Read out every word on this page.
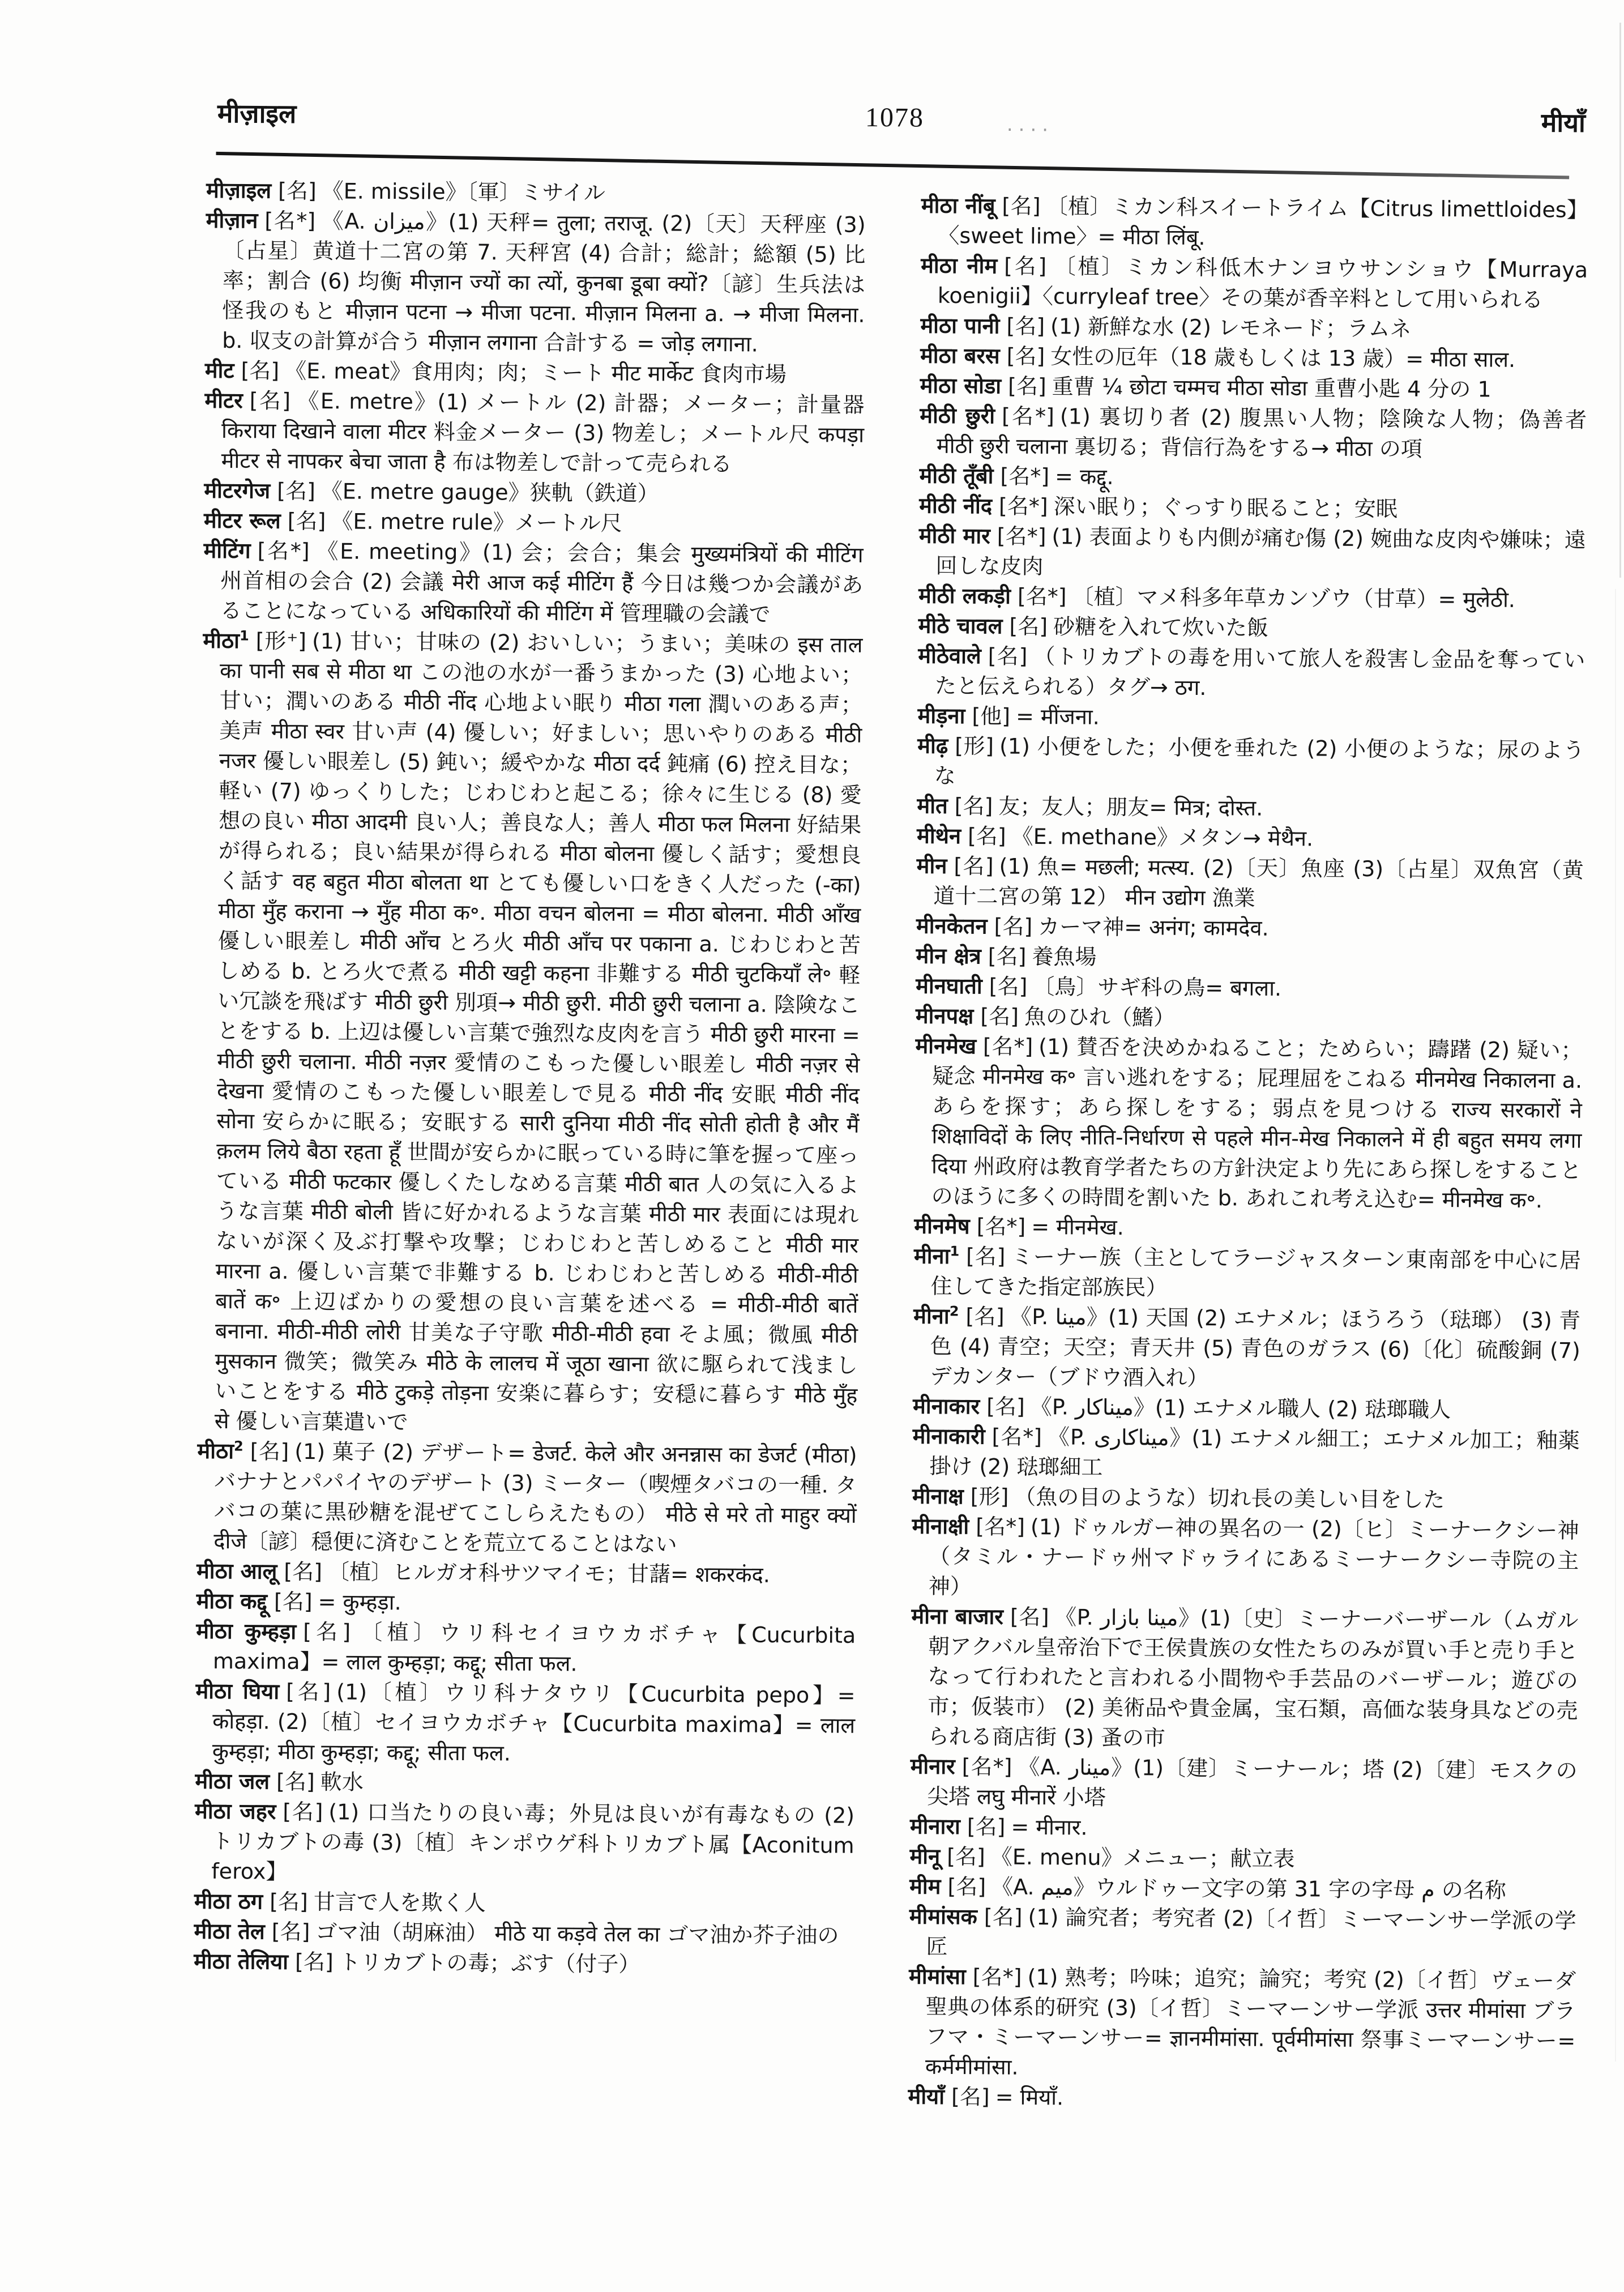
मीज़ाइल	1078	मीयाँ
····

मीज़ाइल [名] 《E. missile》〔軍〕ミサイル

मीज़ान [名*] 《A. ميزان》(1) 天秤= तुला; तराजू. (2)〔天〕天秤座 (3)〔占星〕黄道十二宮の第 7. 天秤宮 (4) 合計；総計；総額 (5) 比率；割合 (6) 均衡 मीज़ान ज्यों का त्यों, कुनबा डूबा क्यों?〔諺〕生兵法は怪我のもと मीज़ान पटना → मीजा पटना. मीज़ान मिलना a. → मीजा मिलना. b. 収支の計算が合う मीज़ान लगाना 合計する = जोड़ लगाना.

मीट [名] 《E. meat》食用肉；肉；ミート मीट मार्केट 食肉市場

मीटर [名] 《E. metre》(1) メートル (2) 計器；メーター；計量器 किराया दिखाने वाला मीटर 料金メーター (3) 物差し；メートル尺 कपड़ा मीटर से नापकर बेचा जाता है 布は物差しで計って売られる

मीटरगेज [名] 《E. metre gauge》狭軌（鉄道）

मीटर रूल [名] 《E. metre rule》メートル尺

मीटिंग [名*] 《E. meeting》(1) 会；会合；集会 मुख्यमंत्रियों की मीटिंग 州首相の会合 (2) 会議 मेरी आज कई मीटिंग हैं 今日は幾つか会議があることになっている अधिकारियों की मीटिंग में 管理職の会議で

मीठा$^1$ [形⁺] (1) 甘い；甘味の (2) おいしい；うまい；美味の इस ताल का पानी सब से मीठा था この池の水が一番うまかった (3) 心地よい；甘い；潤いのある मीठी नींद 心地よい眠り मीठा गला 潤いのある声；美声 मीठा स्वर 甘い声 (4) 優しい；好ましい；思いやりのある मीठी नजर 優しい眼差し (5) 鈍い；緩やかな मीठा दर्द 鈍痛 (6) 控え目な；軽い (7) ゆっくりした；じわじわと起こる；徐々に生じる (8) 愛想の良い मीठा आदमी 良い人；善良な人；善人 मीठा फल मिलना 好結果が得られる；良い結果が得られる मीठा बोलना 優しく話す；愛想良く話す वह बहुत मीठा बोलता था とても優しい口をきく人だった (-का) मीठा मुँह कराना → मुँह मीठा क॰. मीठा वचन बोलना = मीठा बोलना. मीठी आँख 優しい眼差し मीठी आँच とろ火 मीठी आँच पर पकाना a. じわじわと苦しめる b. とろ火で煮る मीठी खट्टी कहना 非難する मीठी चुटकियाँ ले॰ 軽い冗談を飛ばす मीठी छुरी 別項→ मीठी छुरी. मीठी छुरी चलाना a. 陰険なことをする b. 上辺は優しい言葉で強烈な皮肉を言う मीठी छुरी मारना = मीठी छुरी चलाना. मीठी नज़र 愛情のこもった優しい眼差し मीठी नज़र से देखना 愛情のこもった優しい眼差しで見る मीठी नींद 安眠 मीठी नींद सोना 安らかに眠る；安眠する सारी दुनिया मीठी नींद सोती होती है और मैं क़लम लिये बैठा रहता हूँ 世間が安らかに眠っている時に筆を握って座っている मीठी फटकार 優しくたしなめる言葉 मीठी बात 人の気に入るような言葉 मीठी बोली 皆に好かれるような言葉 मीठी मार 表面には現れないが深く及ぶ打撃や攻撃；じわじわと苦しめること मीठी मार मारना a. 優しい言葉で非難する b. じわじわと苦しめる मीठी-मीठी बातें क॰ 上辺ばかりの愛想の良い言葉を述べる = मीठी-मीठी बातें बनाना. मीठी-मीठी लोरी 甘美な子守歌 मीठी-मीठी हवा そよ風；微風 मीठी मुसकान 微笑；微笑み मीठे के लालच में जूठा खाना 欲に駆られて浅ましいことをする मीठे टुकड़े तोड़ना 安楽に暮らす；安穏に暮らす मीठे मुँह से 優しい言葉遣いで

मीठा$^2$ [名] (1) 菓子 (2) デザート= डेजर्ट. केले और अनन्नास का डेजर्ट (मीठा) バナナとパパイヤのデザート (3) ミーター（喫煙タバコの一種. タバコの葉に黒砂糖を混ぜてこしらえたもの） मीठे से मरे तो माहुर क्यों दीजे〔諺〕穏便に済むことを荒立てることはない

मीठा आलू [名] 〔植〕ヒルガオ科サツマイモ；甘藷= शकरकंद.

मीठा कद्दू [名] = कुम्हड़ा.

मीठा कुम्हड़ा [名] 〔植〕ウリ科セイヨウカボチャ【Cucurbita maxima】= लाल कुम्हड़ा; कद्दू; सीता फल.

मीठा घिया [名] (1)〔植〕ウリ科ナタウリ【Cucurbita pepo】= कोहड़ा. (2)〔植〕セイヨウカボチャ【Cucurbita maxima】= लाल कुम्हड़ा; मीठा कुम्हड़ा; कद्दू; सीता फल.

मीठा जल [名] 軟水

मीठा जहर [名] (1) 口当たりの良い毒；外見は良いが有毒なもの (2) トリカブトの毒 (3)〔植〕キンポウゲ科トリカブト属【Aconitum ferox】

मीठा ठग [名] 甘言で人を欺く人

मीठा तेल [名] ゴマ油（胡麻油） मीठे या कड़वे तेल का ゴマ油か芥子油の

मीठा तेलिया [名] トリカブトの毒；ぶす（付子）

मीठा नींबू [名] 〔植〕ミカン科スイートライム【Citrus limettloides】〈sweet lime〉= मीठा लिंबू.

मीठा नीम [名] 〔植〕ミカン科低木ナンヨウサンショウ【Murraya koenigii】〈curryleaf tree〉その葉が香辛料として用いられる

मीठा पानी [名] (1) 新鮮な水 (2) レモネード；ラムネ

मीठा बरस [名] 女性の厄年（18 歳もしくは 13 歳）= मीठा साल.

मीठा सोडा [名] 重曹 ¼ छोटा चम्मच मीठा सोडा 重曹小匙 4 分の 1

मीठी छुरी [名*] (1) 裏切り者 (2) 腹黒い人物；陰険な人物；偽善者 मीठी छुरी चलाना 裏切る；背信行為をする→ मीठा の項

मीठी तूँबी [名*] = कद्दू.

मीठी नींद [名*] 深い眠り；ぐっすり眠ること；安眠

मीठी मार [名*] (1) 表面よりも内側が痛む傷 (2) 婉曲な皮肉や嫌味；遠回しな皮肉

मीठी लकड़ी [名*] 〔植〕マメ科多年草カンゾウ（甘草）= मुलेठी.

मीठे चावल [名] 砂糖を入れて炊いた飯

मीठेवाले [名] （トリカブトの毒を用いて旅人を殺害し金品を奪っていたと伝えられる）タグ→ ठग.

मीड़ना [他] = मींजना.

मीढ़ [形] (1) 小便をした；小便を垂れた (2) 小便のような；尿のような

मीत [名] 友；友人；朋友= मित्र; दोस्त.

मीथेन [名] 《E. methane》メタン→ मेथैन.

मीन [名] (1) 魚= मछली; मत्स्य. (2)〔天〕魚座 (3)〔占星〕双魚宮（黄道十二宮の第 12） मीन उद्योग 漁業

मीनकेतन [名] カーマ神= अनंग; कामदेव.

मीन क्षेत्र [名] 養魚場

मीनघाती [名] 〔鳥〕サギ科の鳥= बगला.

मीनपक्ष [名] 魚のひれ（鰭）

मीनमेख [名*] (1) 賛否を決めかねること；ためらい；躊躇 (2) 疑い；疑念 मीनमेख क॰ 言い逃れをする；屁理屈をこねる मीनमेख निकालना a. あらを探す；あら探しをする；弱点を見つける राज्य सरकारों ने शिक्षाविदों के लिए नीति-निर्धारण से पहले मीन-मेख निकालने में ही बहुत समय लगा दिया 州政府は教育学者たちの方針決定より先にあら探しをすることのほうに多くの時間を割いた b. あれこれ考え込む= मीनमेख क॰.

मीनमेष [名*] = मीनमेख.

मीना$^1$ [名] ミーナー族（主としてラージャスターン東南部を中心に居住してきた指定部族民）

मीना$^2$ [名] 《P. مينا》(1) 天国 (2) エナメル；ほうろう（琺瑯） (3) 青色 (4) 青空；天空；青天井 (5) 青色のガラス (6)〔化〕硫酸銅 (7) デカンター（ブドウ酒入れ）

मीनाकार [名] 《P. ميناكار》(1) エナメル職人 (2) 琺瑯職人

मीनाकारी [名*] 《P. ميناكارى》(1) エナメル細工；エナメル加工；釉薬掛け (2) 琺瑯細工

मीनाक्ष [形] （魚の目のような）切れ長の美しい目をした

मीनाक्षी [名*] (1) ドゥルガー神の異名の一 (2)〔ヒ〕ミーナークシー神（タミル・ナードゥ州マドゥライにあるミーナークシー寺院の主神）

मीना बाजार [名] 《P. مينا بازار》(1)〔史〕ミーナーバーザール（ムガル朝アクバル皇帝治下で王侯貴族の女性たちのみが買い手と売り手となって行われたと言われる小間物や手芸品のバーザール；遊びの市；仮装市） (2) 美術品や貴金属，宝石類，高価な装身具などの売られる商店街 (3) 蚤の市

मीनार [名*] 《A. مينار》(1)〔建〕ミーナール；塔 (2)〔建〕モスクの尖塔 लघु मीनारें 小塔

मीनारा [名] = मीनार.

मीनू [名] 《E. menu》メニュー；献立表

मीम [名] 《A. ميم》ウルドゥー文字の第 31 字の字母 م の名称

मीमांसक [名] (1) 論究者；考究者 (2)〔イ哲〕ミーマーンサー学派の学匠

मीमांसा [名*] (1) 熟考；吟味；追究；論究；考究 (2)〔イ哲〕ヴェーダ聖典の体系的研究 (3)〔イ哲〕ミーマーンサー学派 उत्तर मीमांसा ブラフマ・ミーマーンサー= ज्ञानमीमांसा. पूर्वमीमांसा 祭事ミーマーンサー= कर्ममीमांसा.

मीयाँ [名] = मियाँ.
